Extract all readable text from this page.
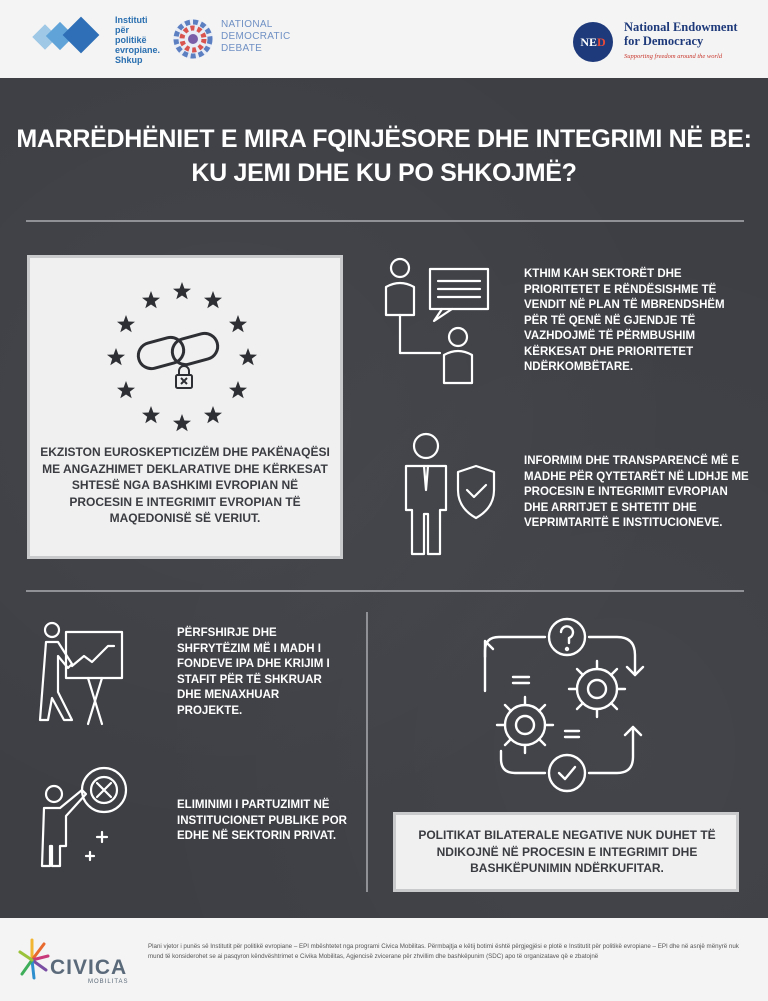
Instituti
për
politikë
evropiane.
Shkup
NATIONAL
DEMOCRATIC
DEBATE	NE D
National Endowment for Democracy
Supporting freedom around the world
MARRËDHËNIET E MIRA FQINJËSORE DHE INTEGRIMI NË BE:
KU JEMI DHE KU PO SHKOJMË?
EKZISTON EUROSKEPTICIZËM DHE PAKËNAQËSI ME ANGAZHIMET DEKLARATIVE DHE KËRKESAT SHTESË NGA BASHKIMI EVROPIAN NË PROCESIN E INTEGRIMIT EVROPIAN TË MAQEDONISË SË VERIUT.
KTHIM KAH SEKTORËT DHE PRIORITETET E RËNDËSISHME TË VENDIT NË PLAN TË MBRENDSHËM PËR TË QENË NË GJENDJE TË VAZHDOJMË TË PËRMBUSHIM KËRKESAT DHE PRIORITETET NDËRKOMBËTARE.
INFORMIM DHE TRANSPARENCË MË E MADHE PËR QYTETARËT NË LIDHJE ME PROCESIN E INTEGRIMIT EVROPIAN DHE ARRITJET E SHTETIT DHE VEPRIMTARITË E INSTITUCIONEVE.
PËRFSHIRJE DHE SHFRYTËZIM MË I MADH I FONDEVE IPA DHE KRIJIM I STAFIT PËR TË SHKRUAR DHE MENAXHUAR PROJEKTE.
ELIMINIMI I PARTUZIMIT NË INSTITUCIONET PUBLIKE POR EDHE NË SEKTORIN PRIVAT.	POLITIKAT BILATERALE NEGATIVE NUK DUHET TË NDIKOJNË NË PROCESIN E INTEGRIMIT DHE BASHKËPUNIMIN NDËRKUFITAR.
CIVICA
MOBILITAS
Plani vjetor i punës së Institutit për politikë evropiane – EPI mbështetet nga programi Civica Mobilitas. Përmbajtja e këtij botimi është përgjegjësi e plotë e Institutit për politikë evropiane – EPI dhe në asnjë mënyrë nuk mund të konsiderohet se ai pasqyron këndvështrimet e Civika Mobilitas, Agjencisë zvicerane për zhvillim dhe bashkëpunim (SDC) apo të organizatave që e zbatojnë
